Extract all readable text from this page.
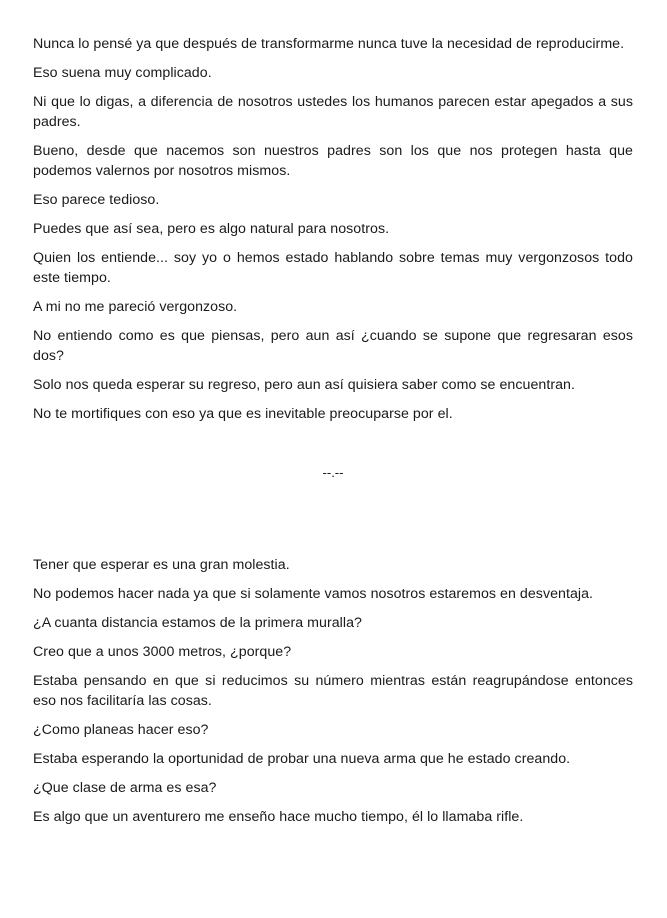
Nunca lo pensé ya que después de transformarme nunca tuve la necesidad de reproducirme.

Eso suena muy complicado.

Ni que lo digas, a diferencia de nosotros ustedes los humanos parecen estar apegados a sus padres.

Bueno, desde que nacemos son nuestros padres son los que nos protegen hasta que podemos valernos por nosotros mismos.

Eso parece tedioso.

Puedes que así sea, pero es algo natural para nosotros.

Quien los entiende... soy yo o hemos estado hablando sobre temas muy vergonzosos todo este tiempo.

A mi no me pareció vergonzoso.

No entiendo como es que piensas, pero aun así ¿cuando se supone que regresaran esos dos?

Solo nos queda esperar su regreso, pero aun así quisiera saber como se encuentran.

No te mortifiques con eso ya que es inevitable preocuparse por el.

--.--

Tener que esperar es una gran molestia.

No podemos hacer nada ya que si solamente vamos nosotros estaremos en desventaja.

¿A cuanta distancia estamos de la primera muralla?

Creo que a unos 3000 metros, ¿porque?

Estaba pensando en que si reducimos su número mientras están reagrupándose entonces eso nos facilitaría las cosas.

¿Como planeas hacer eso?

Estaba esperando la oportunidad de probar una nueva arma que he estado creando.

¿Que clase de arma es esa?

Es algo que un aventurero me enseño hace mucho tiempo, él lo llamaba rifle.
